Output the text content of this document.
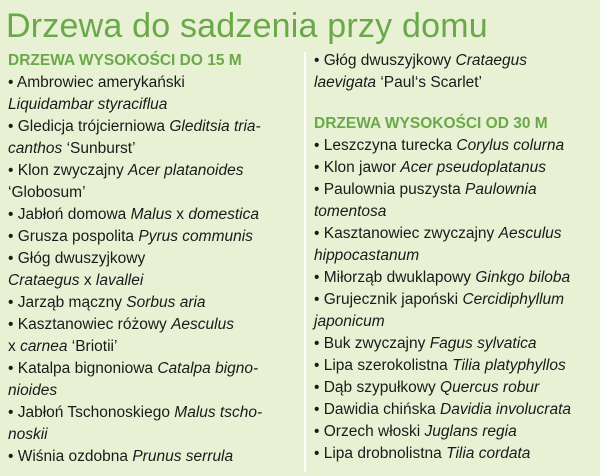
Drzewa do sadzenia przy domu
DRZEWA WYSOKOŚCI DO 15 M
• Ambrowiec amerykański
Liquidambar styraciflua
• Gledicja trójcierniowa Gleditsia tria-
canthos ‘Sunburst’
• Klon zwyczajny Acer platanoides
‘Globosum’
• Jabłoń domowa Malus x domestica
• Grusza pospolita Pyrus communis
• Głóg dwuszyjkowy
Crataegus x lavallei
• Jarząb mączny Sorbus aria
• Kasztanowiec różowy Aesculus
x carnea ‘Briotii’
• Katalpa bignoniowa Catalpa bigno-
nioides
• Jabłoń Tschonoskiego Malus tscho-
noskii
• Wiśnia ozdobna Prunus serrula
• Głóg dwuszyjkowy Crataegus
laevigata ‘Paul‘s Scarlet’
DRZEWA WYSOKOŚCI OD 30 M
• Leszczyna turecka Corylus colurna
• Klon jawor Acer pseudoplatanus
• Paulownia puszysta Paulownia
tomentosa
• Kasztanowiec zwyczajny Aesculus
hippocastanum
• Miłorząb dwuklapowy Ginkgo biloba
• Grujecznik japoński Cercidiphyllum
japonicum
• Buk zwyczajny Fagus sylvatica
• Lipa szerokolistna Tilia platyphyllos
• Dąb szypułkowy Quercus robur
• Dawidia chińska Davidia involucrata
• Orzech włoski Juglans regia
• Lipa drobnolistna Tilia cordata
